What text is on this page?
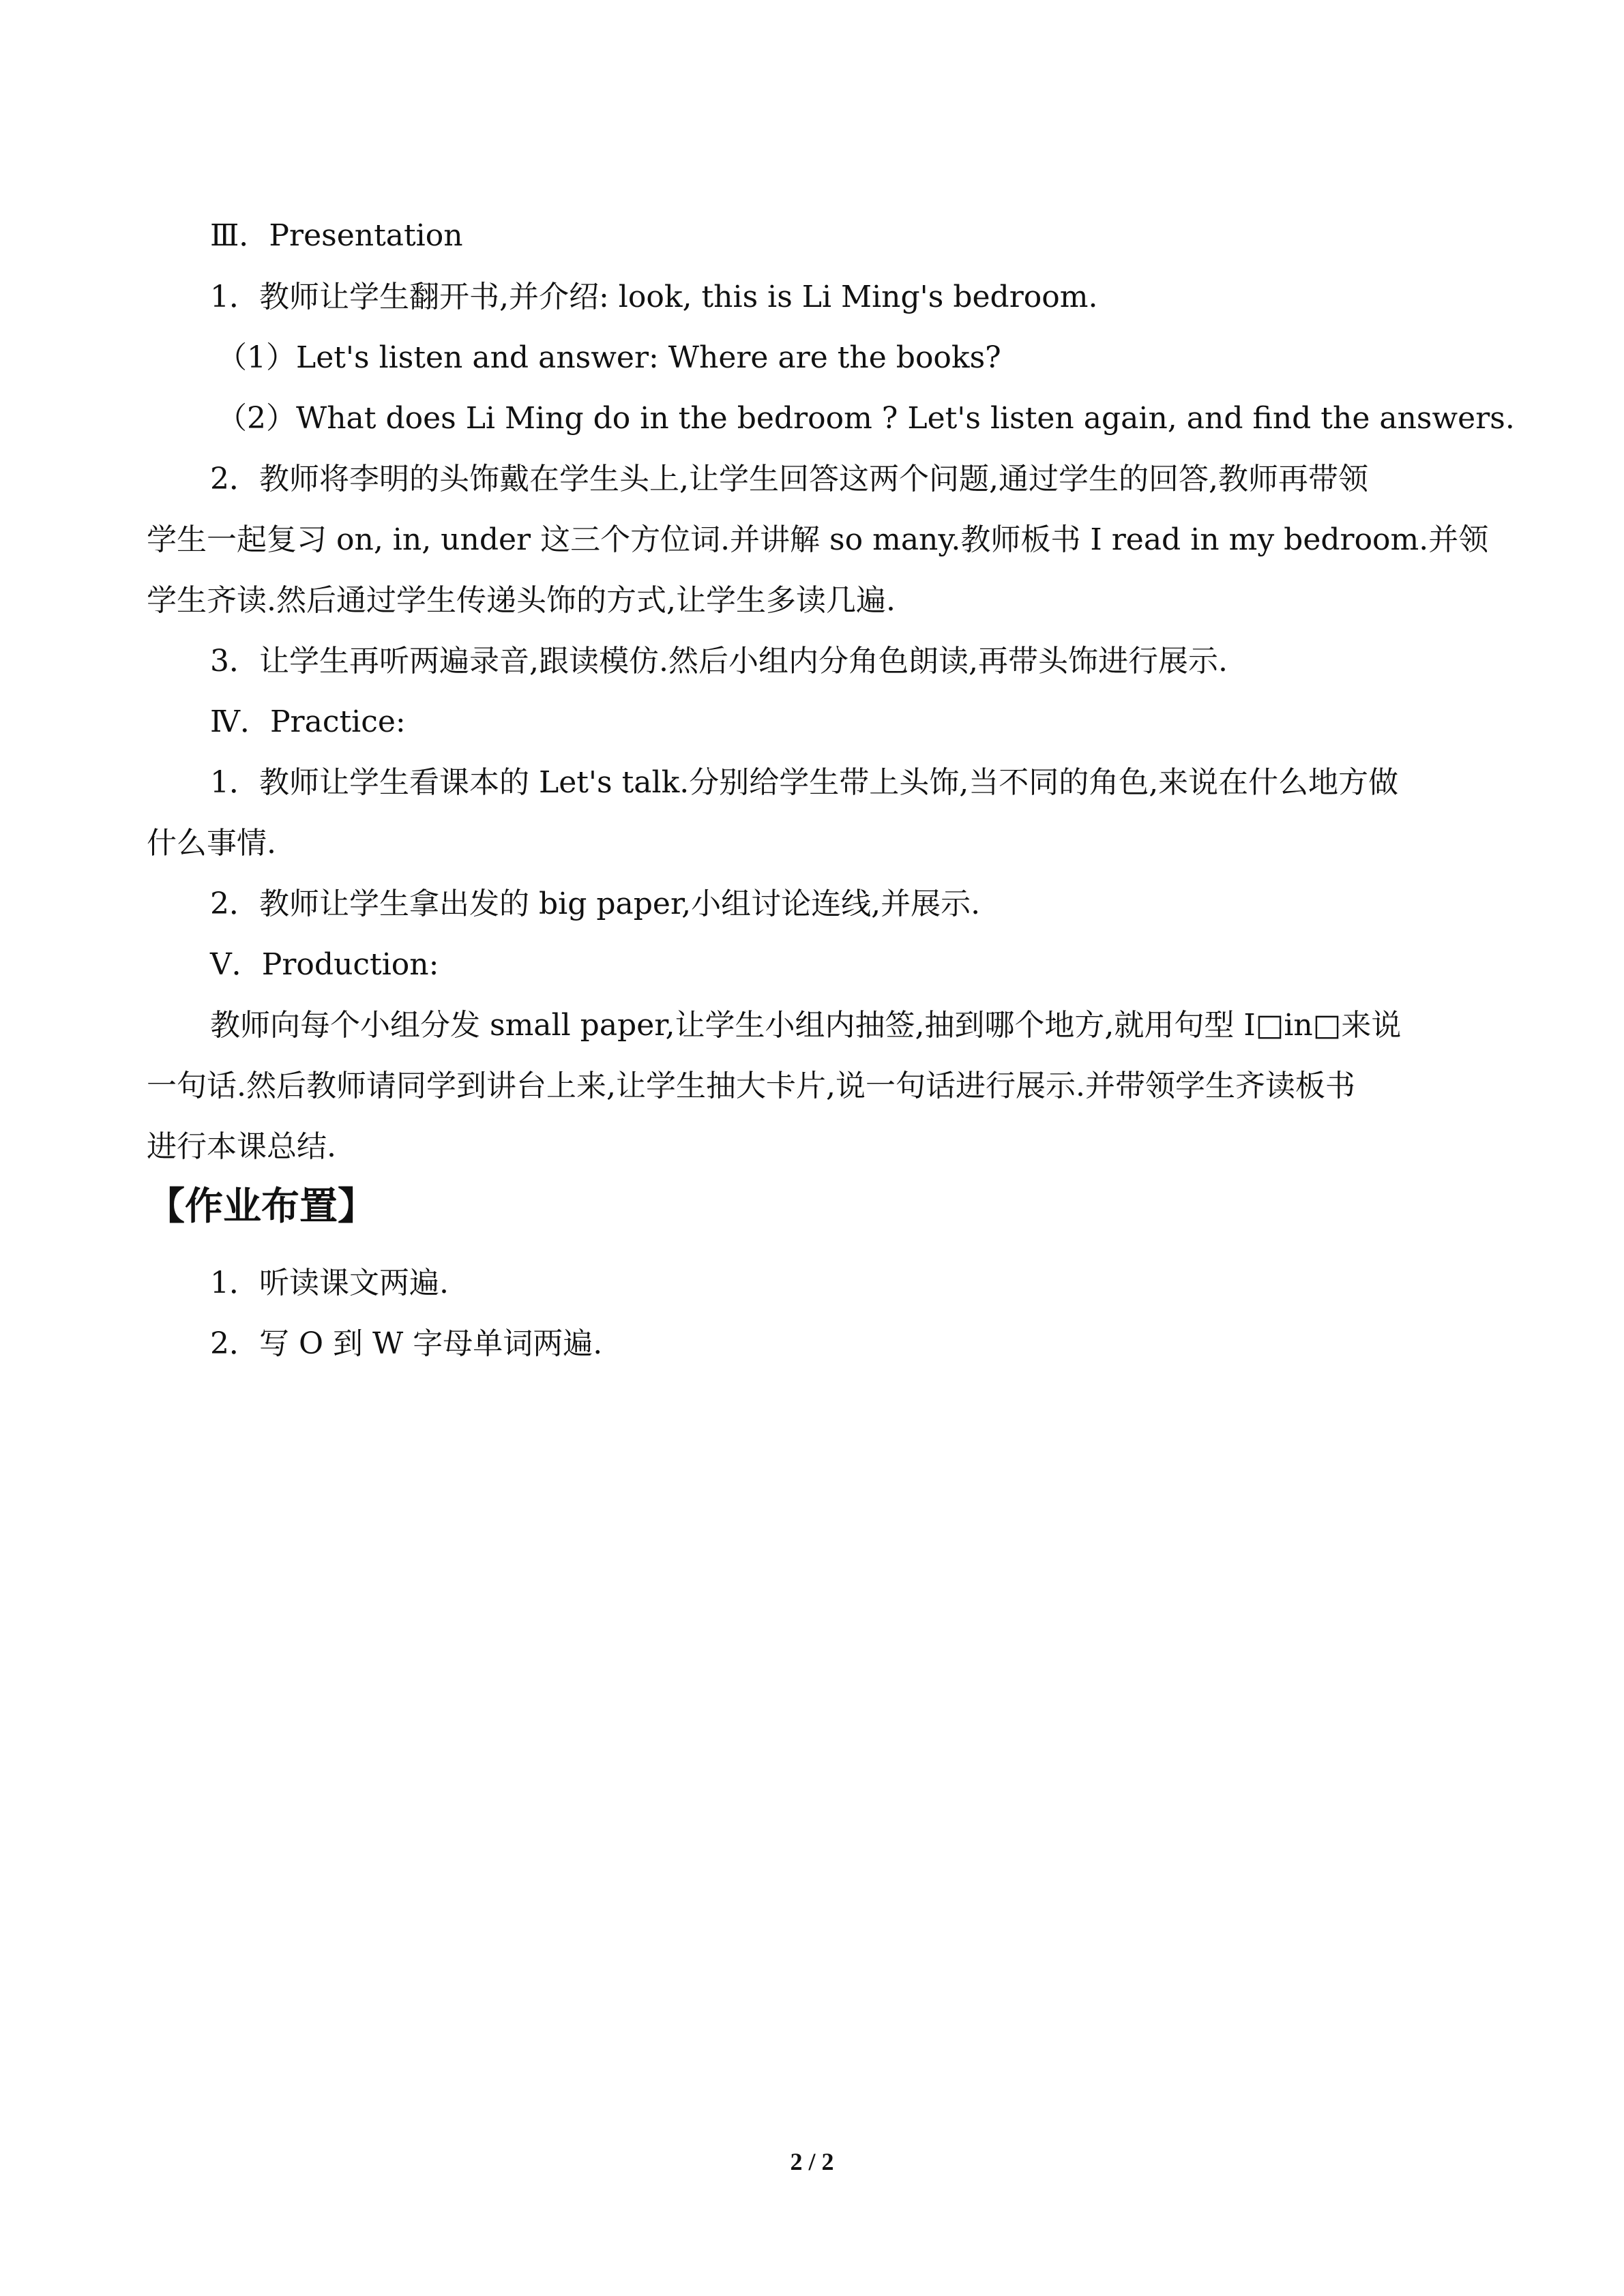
Ⅲ．Presentation
1．教师让学生翻开书,并介绍: look, this is Li Ming's bedroom.
（1）Let's listen and answer: Where are the books?
（2）What does Li Ming do in the bedroom ? Let's listen again, and find the answers.
2．教师将李明的头饰戴在学生头上,让学生回答这两个问题,通过学生的回答,教师再带领
学生一起复习 on, in, under 这三个方位词.并讲解 so many.教师板书 I read in my bedroom.并领
学生齐读.然后通过学生传递头饰的方式,让学生多读几遍.
3．让学生再听两遍录音,跟读模仿.然后小组内分角色朗读,再带头饰进行展示.
Ⅳ．Practice:
1．教师让学生看课本的 Let's talk.分别给学生带上头饰,当不同的角色,来说在什么地方做
什么事情.
2．教师让学生拿出发的 big paper,小组讨论连线,并展示.
Ⅴ．Production:
教师向每个小组分发 small paper,让学生小组内抽签,抽到哪个地方,就用句型 I□in□来说
一句话.然后教师请同学到讲台上来,让学生抽大卡片,说一句话进行展示.并带领学生齐读板书
进行本课总结.
【作业布置】
1．听读课文两遍.
2．写 O 到 W 字母单词两遍.
2 / 2
